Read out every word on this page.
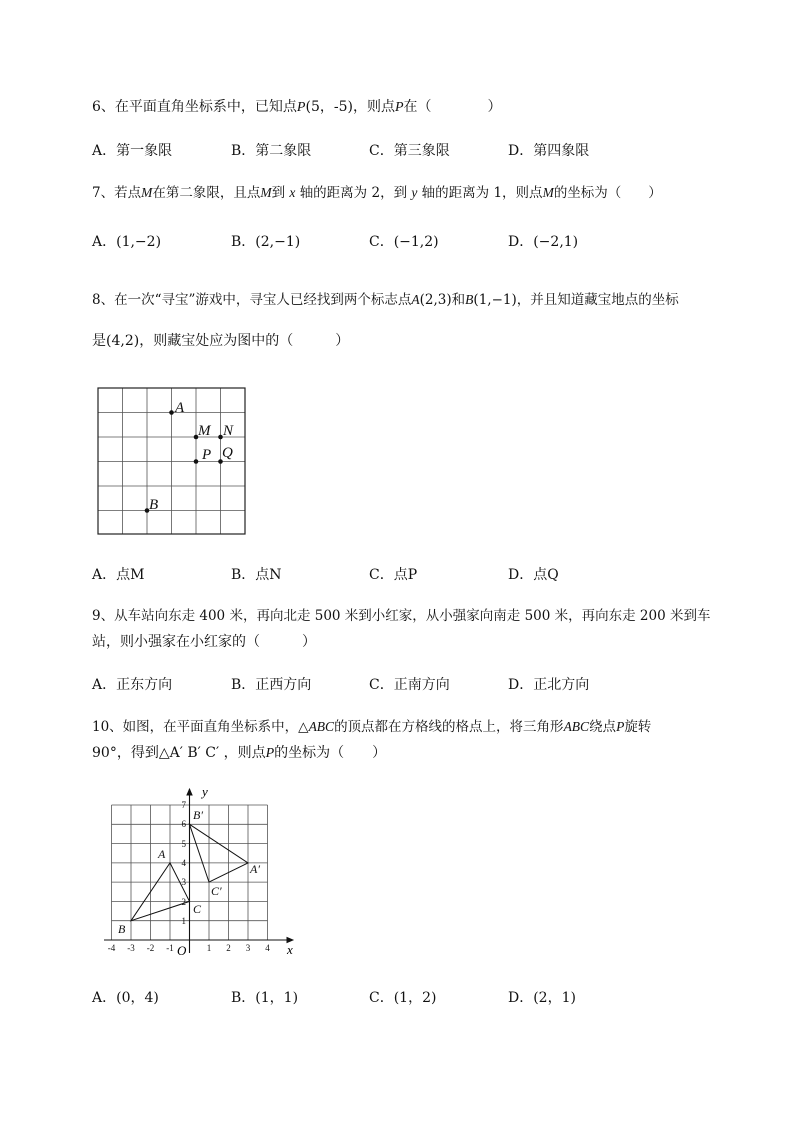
6、在平面直角坐标系中，已知点P(5，-5)，则点P在（　　　　）
A．第一象限	B．第二象限	C．第三象限	D．第四象限
7、若点M在第二象限，且点M到 x 轴的距离为 2，到 y 轴的距离为 1，则点M的坐标为（　　）
A．(1,−2)	B．(2,−1)	C．(−1,2)	D．(−2,1)
8、在一次“寻宝”游戏中，寻宝人已经找到两个标志点A(2,3)和B(1,−1)，并且知道藏宝地点的坐标
是(4,2)，则藏宝处应为图中的（　　　）
A
M N
P Q
B
A．点M	B．点N	C．点P	D．点Q
9、从车站向东走 400 米，再向北走 500 米到小红家，从小强家向南走 500 米，再向东走 200 米到车
站，则小强家在小红家的（　　　）
A．正东方向	B．正西方向	C．正南方向	D．正北方向
10、如图，在平面直角坐标系中，△ABC的顶点都在方格线的格点上，将三角形ABC绕点P旋转
90°，得到△A′ B′ C′ ，则点P的坐标为（　　）
y
x
O
-4 -3 -2 -1	1 2 3 4
1
2
3
4
5
6
7
A
B
C
A′
B′
C′
A．(0，4)	B．(1，1)	C．(1，2)	D．(2，1)
